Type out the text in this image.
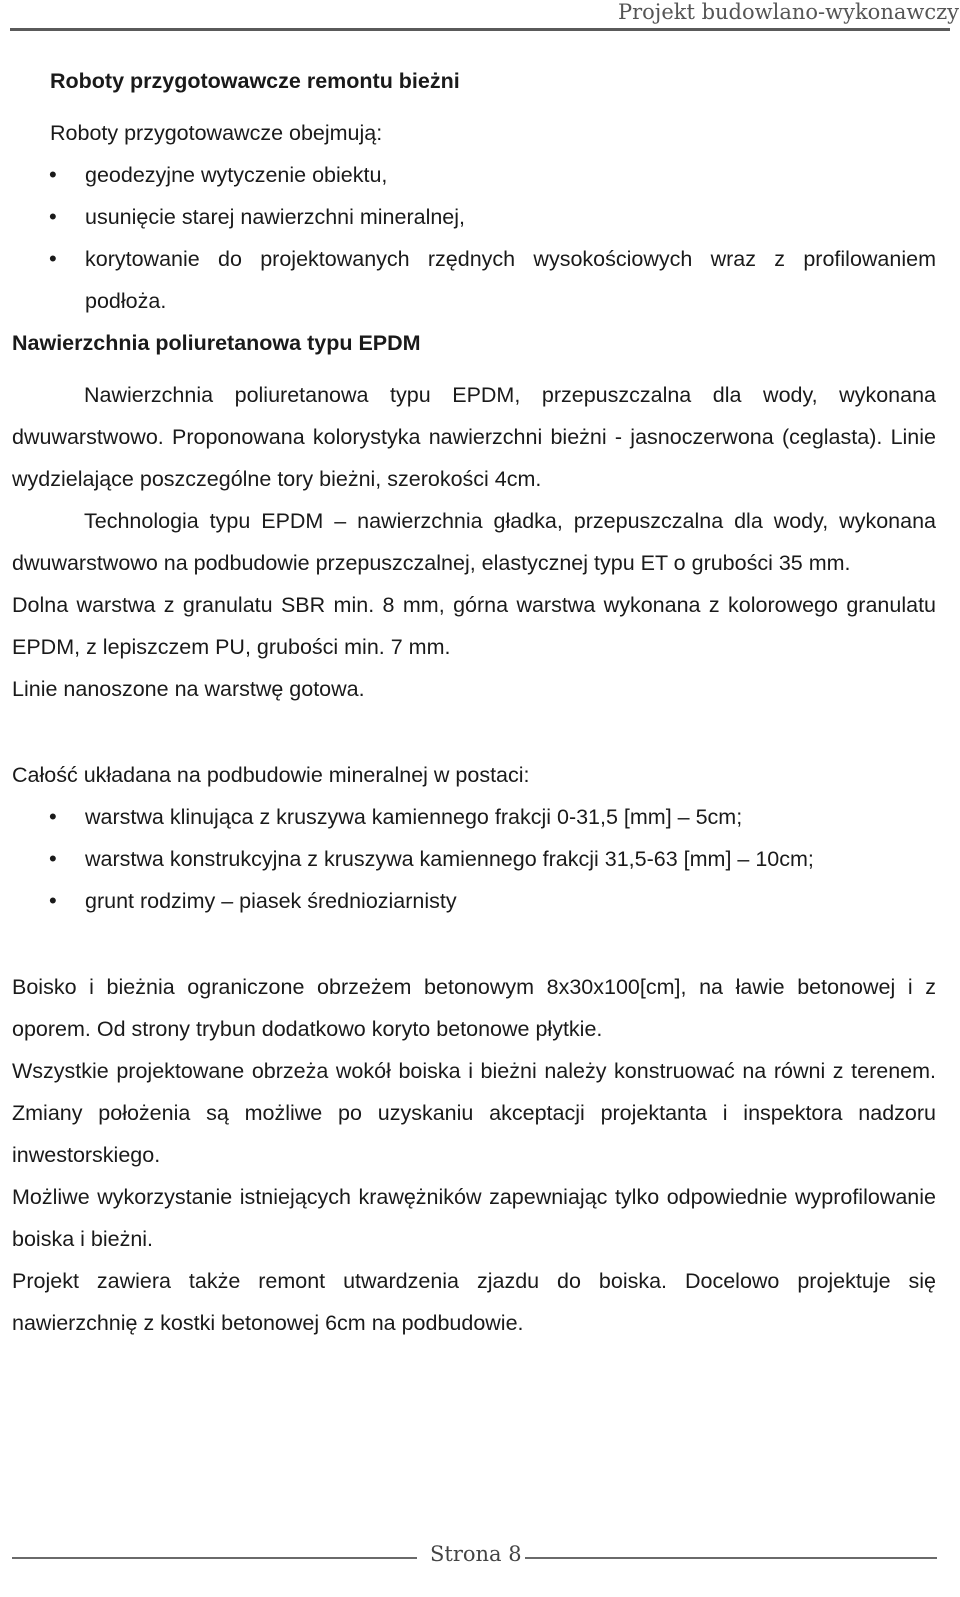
Projekt budowlano-wykonawczy

Roboty przygotowawcze remontu bieżni

Roboty przygotowawcze obejmują:

• geodezyjne wytyczenie obiektu,
• usunięcie starej nawierzchni mineralnej,
• korytowanie do projektowanych rzędnych wysokościowych wraz z profilowaniem podłoża.

Nawierzchnia poliuretanowa typu EPDM

Nawierzchnia poliuretanowa typu EPDM, przepuszczalna dla wody, wykonana dwuwarstwowo. Proponowana kolorystyka nawierzchni bieżni - jasnoczerwona (ceglasta). Linie wydzielające poszczególne tory bieżni, szerokości 4cm.

Technologia typu EPDM – nawierzchnia gładka, przepuszczalna dla wody, wykonana dwuwarstwowo na podbudowie przepuszczalnej, elastycznej typu ET o grubości 35 mm.

Dolna warstwa z granulatu SBR min. 8 mm, górna warstwa wykonana z kolorowego granulatu EPDM, z lepiszczem PU, grubości min. 7 mm.

Linie nanoszone na warstwę gotowa.

Całość układana na podbudowie mineralnej w postaci:

• warstwa klinująca z kruszywa kamiennego frakcji 0-31,5 [mm] – 5cm;
• warstwa konstrukcyjna z kruszywa kamiennego frakcji 31,5-63 [mm] – 10cm;
• grunt rodzimy – piasek średnioziarnisty

Boisko i bieżnia ograniczone obrzeżem betonowym 8x30x100[cm], na ławie betonowej i z oporem. Od strony trybun dodatkowo koryto betonowe płytkie.

Wszystkie projektowane obrzeża wokół boiska i bieżni należy konstruować na równi z terenem. Zmiany położenia są możliwe po uzyskaniu akceptacji projektanta i inspektora nadzoru inwestorskiego.

Możliwe wykorzystanie istniejących krawężników zapewniając tylko odpowiednie wyprofilowanie boiska i bieżni.

Projekt zawiera także remont utwardzenia zjazdu do boiska. Docelowo projektuje się nawierzchnię z kostki betonowej 6cm na podbudowie.

Strona 8
